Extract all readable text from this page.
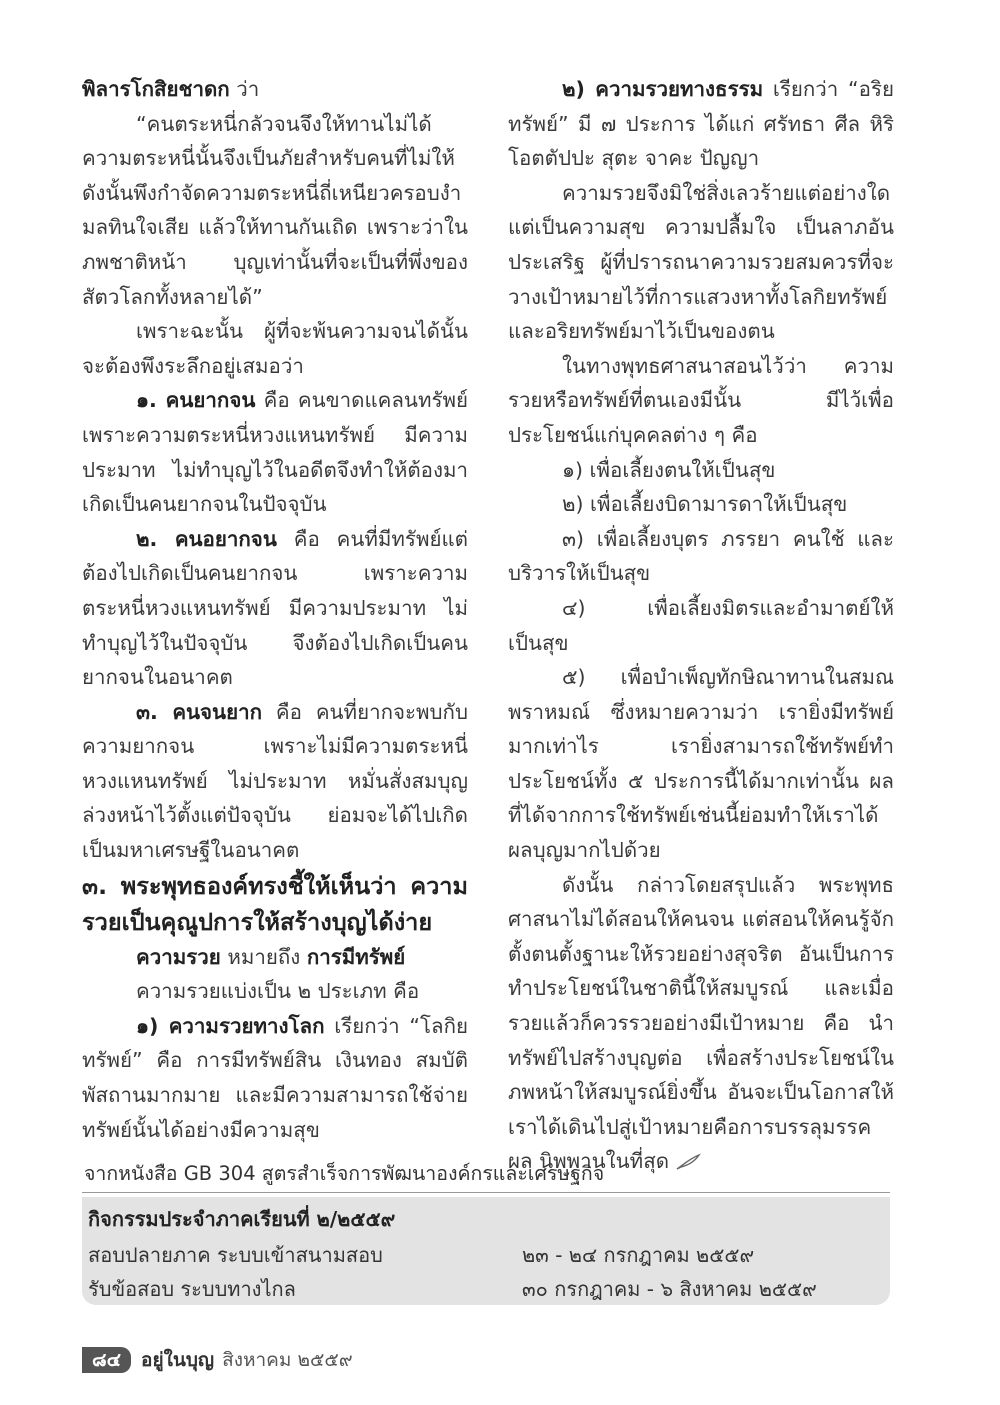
พิลารโกสิยชาดก ว่า

“คนตระหนี่กลัวจนจึงให้ทานไม่ได้ ความตระหนี่นั้นจึงเป็นภัยสำหรับคนที่ไม่ให้ ดังนั้นพึงกำจัดความตระหนี่ถี่เหนียวครอบงำ มลทินใจเสีย แล้วให้ทานกันเถิด เพราะว่าในภพชาติหน้า บุญเท่านั้นที่จะเป็นที่พึ่งของสัตวโลกทั้งหลายได้”

เพราะฉะนั้น ผู้ที่จะพ้นความจนได้นั้น จะต้องพึงระลึกอยู่เสมอว่า

๑. คนยากจน คือ คนขาดแคลนทรัพย์ เพราะความตระหนี่หวงแหนทรัพย์ มีความประมาท ไม่ทำบุญไว้ในอดีตจึงทำให้ต้องมาเกิดเป็นคนยากจนในปัจจุบัน

๒. คนอยากจน คือ คนที่มีทรัพย์แต่ต้องไปเกิดเป็นคนยากจน เพราะความตระหนี่หวงแหนทรัพย์ มีความประมาท ไม่ทำบุญไว้ในปัจจุบัน จึงต้องไปเกิดเป็นคนยากจนในอนาคต

๓. คนจนยาก คือ คนที่ยากจะพบกับความยากจน เพราะไม่มีความตระหนี่หวงแหนทรัพย์ ไม่ประมาท หมั่นสั่งสมบุญล่วงหน้าไว้ตั้งแต่ปัจจุบัน ย่อมจะได้ไปเกิดเป็นมหาเศรษฐีในอนาคต

๓. พระพุทธองค์ทรงชี้ให้เห็นว่า ความรวยเป็นคุณูปการให้สร้างบุญได้ง่าย

ความรวย หมายถึง การมีทรัพย์

ความรวยแบ่งเป็น ๒ ประเภท คือ

๑) ความรวยทางโลก เรียกว่า “โลกิยทรัพย์” คือ การมีทรัพย์สิน เงินทอง สมบัติพัสถานมากมาย และมีความสามารถใช้จ่ายทรัพย์นั้นได้อย่างมีความสุข

๒) ความรวยทางธรรม เรียกว่า “อริยทรัพย์” มี ๗ ประการ ได้แก่ ศรัทธา ศีล หิริ โอตตัปปะ สุตะ จาคะ ปัญญา

ความรวยจึงมิใช่สิ่งเลวร้ายแต่อย่างใด แต่เป็นความสุข ความปลื้มใจ เป็นลาภอันประเสริฐ ผู้ที่ปรารถนาความรวยสมควรที่จะวางเป้าหมายไว้ที่การแสวงหาทั้งโลกิยทรัพย์และอริยทรัพย์มาไว้เป็นของตน

ในทางพุทธศาสนาสอนไว้ว่า ความรวยหรือทรัพย์ที่ตนเองมีนั้น มีไว้เพื่อประโยชน์แก่บุคคลต่าง ๆ คือ

๑) เพื่อเลี้ยงตนให้เป็นสุข

๒) เพื่อเลี้ยงบิดามารดาให้เป็นสุข

๓) เพื่อเลี้ยงบุตร ภรรยา คนใช้ และบริวารให้เป็นสุข

๔) เพื่อเลี้ยงมิตรและอำมาตย์ให้เป็นสุข

๕) เพื่อบำเพ็ญทักษิณาทานในสมณพราหมณ์ ซึ่งหมายความว่า เรายิ่งมีทรัพย์มากเท่าไร เรายิ่งสามารถใช้ทรัพย์ทำประโยชน์ทั้ง ๕ ประการนี้ได้มากเท่านั้น ผลที่ได้จากการใช้ทรัพย์เช่นนี้ย่อมทำให้เราได้ผลบุญมากไปด้วย

ดังนั้น กล่าวโดยสรุปแล้ว พระพุทธศาสนาไม่ได้สอนให้คนจน แต่สอนให้คนรู้จักตั้งตนตั้งฐานะให้รวยอย่างสุจริต อันเป็นการทำประโยชน์ในชาตินี้ให้สมบูรณ์ และเมื่อรวยแล้วก็ควรรวยอย่างมีเป้าหมาย คือ นำทรัพย์ไปสร้างบุญต่อ เพื่อสร้างประโยชน์ในภพหน้าให้สมบูรณ์ยิ่งขึ้น อันจะเป็นโอกาสให้เราได้เดินไปสู่เป้าหมายคือการบรรลุมรรค ผล นิพพานในที่สุด

จากหนังสือ GB 304 สูตรสำเร็จการพัฒนาองค์กรและเศรษฐกิจ
กิจกรรมประจำภาคเรียนที่ ๒/๒๕๕๙
สอบปลายภาค ระบบเข้าสนามสอบ	๒๓ - ๒๔ กรกฎาคม ๒๕๕๙
รับข้อสอบ ระบบทางไกล	๓๐ กรกฎาคม - ๖ สิงหาคม ๒๕๕๙
๘๔	อยู่ในบุญ สิงหาคม ๒๕๕๙
